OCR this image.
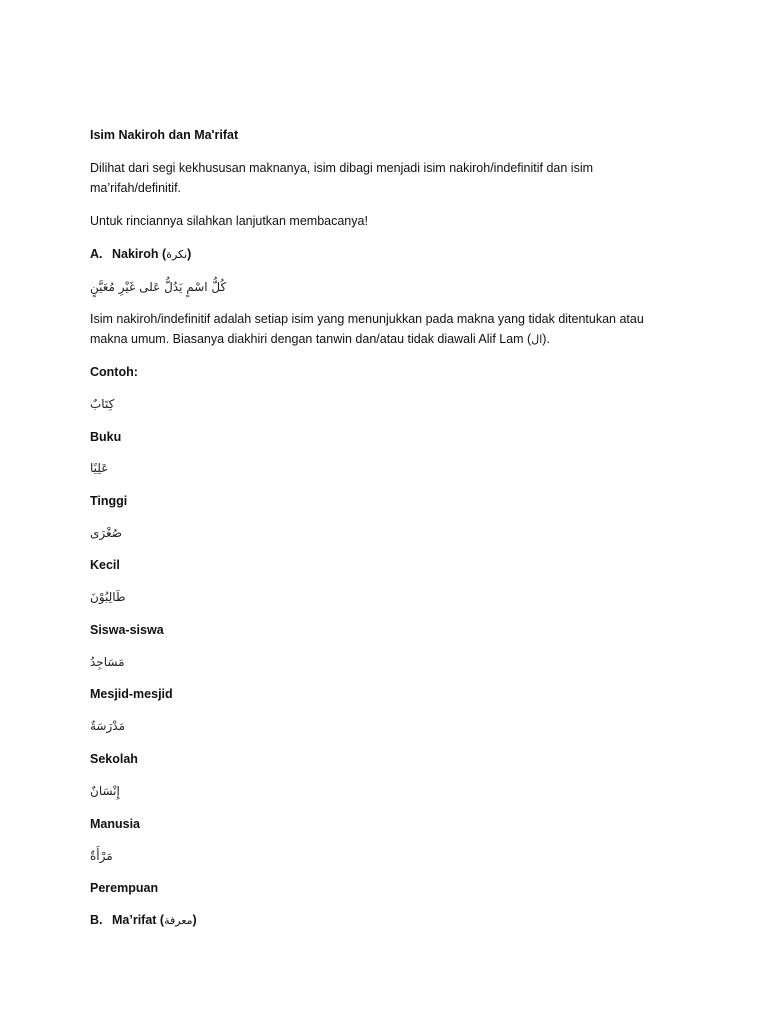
Isim Nakiroh dan Ma'rifat
Dilihat dari segi kekhususan maknanya, isim dibagi menjadi isim nakiroh/indefinitif dan isim
ma’rifah/definitif.
Untuk rinciannya silahkan lanjutkan membacanya!
A. Nakiroh (نكرة)
كُلُّ اسْمٍ يَدُلُّ عَلى غَيْرِ مُعَيَّنٍ
Isim nakiroh/indefinitif adalah setiap isim yang menunjukkan pada makna yang tidak ditentukan atau
makna umum. Biasanya diakhiri dengan tanwin dan/atau tidak diawali Alif Lam (ال).
Contoh:
كِتَابٌ
Buku
عَلِيًا
Tinggi
صُغْرَى
Kecil
طَالِبُوْنَ
Siswa-siswa
مَسَاجِدُ
Mesjid-mesjid
مَدْرَسَةٌ
Sekolah
إِنْسَانٌ
Manusia
مَرْأَةٌ
Perempuan
B. Ma’rifat (معرفة)
